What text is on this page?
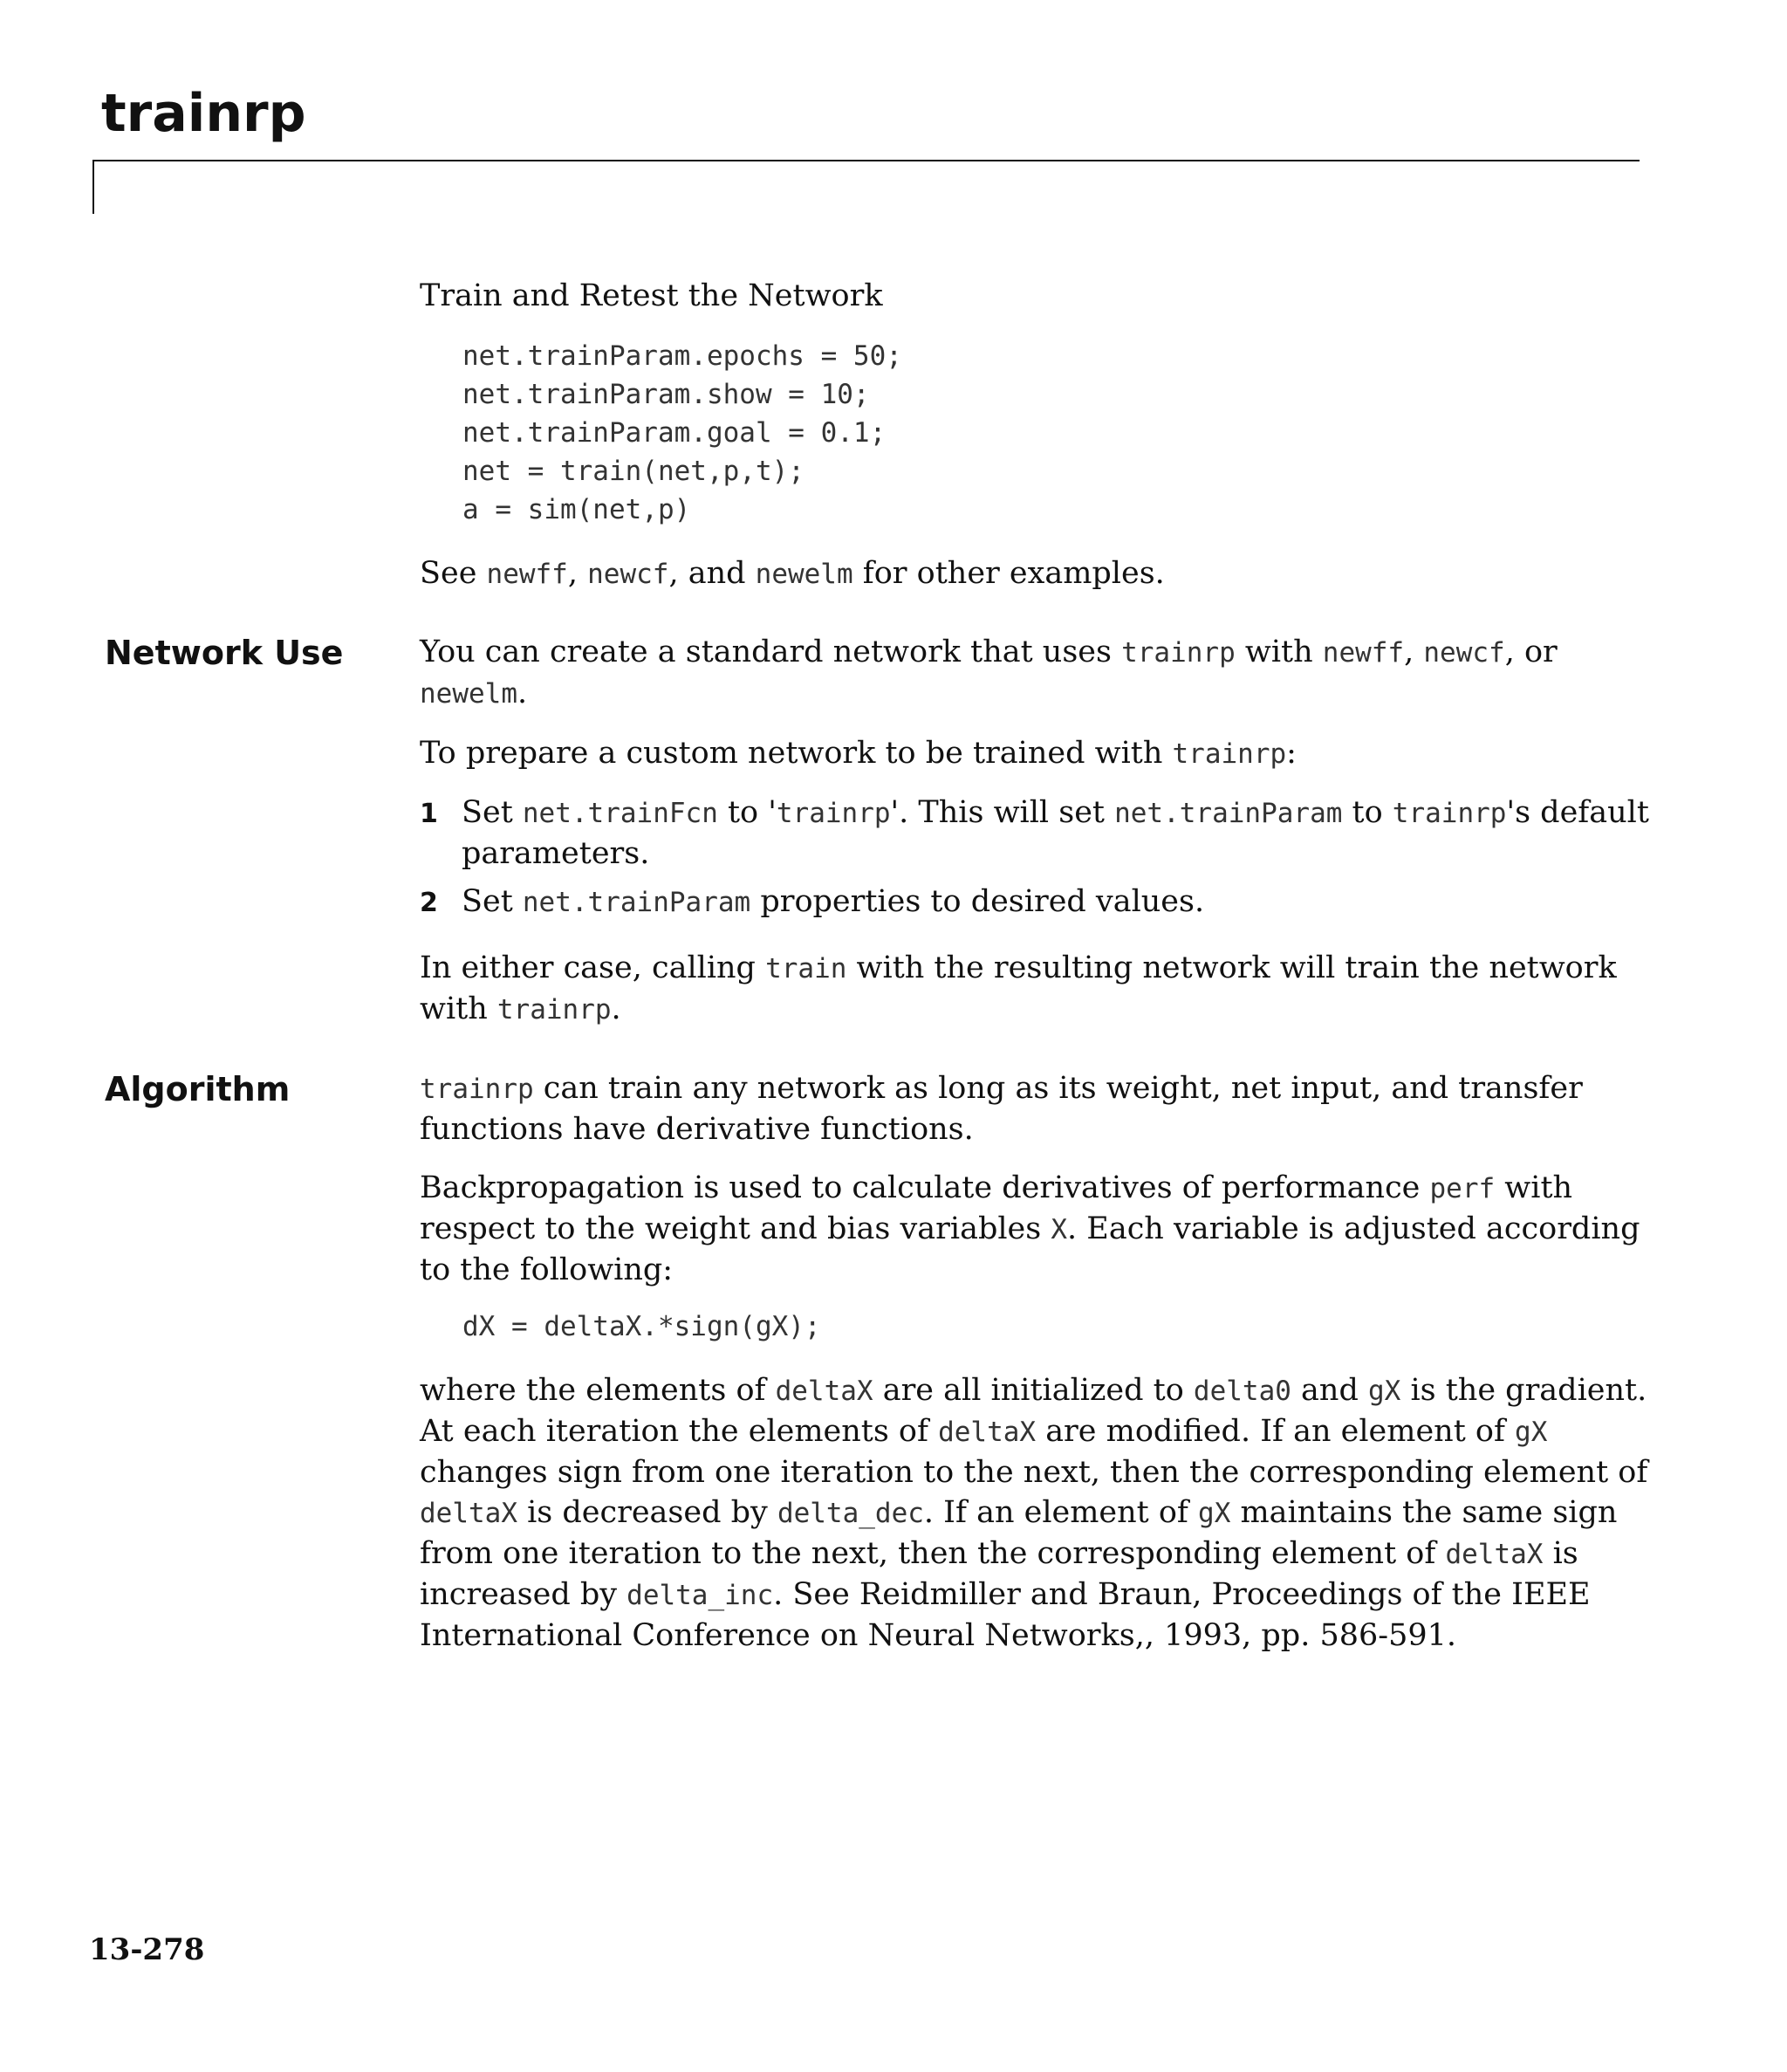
trainrp

Train and Retest the Network

net.trainParam.epochs = 50;
net.trainParam.show = 10;
net.trainParam.goal = 0.1;
net = train(net,p,t);
a = sim(net,p)

See newff, newcf, and newelm for other examples.

Network Use	You can create a standard network that uses trainrp with newff, newcf, or newelm.

To prepare a custom network to be trained with trainrp:

1 Set net.trainFcn to 'trainrp'. This will set net.trainParam to trainrp's default parameters.

2 Set net.trainParam properties to desired values.

In either case, calling train with the resulting network will train the network with trainrp.

Algorithm	trainrp can train any network as long as its weight, net input, and transfer functions have derivative functions.

Backpropagation is used to calculate derivatives of performance perf with respect to the weight and bias variables X. Each variable is adjusted according to the following:

dX = deltaX.*sign(gX);

where the elements of deltaX are all initialized to delta0 and gX is the gradient. At each iteration the elements of deltaX are modified. If an element of gX changes sign from one iteration to the next, then the corresponding element of deltaX is decreased by delta_dec. If an element of gX maintains the same sign from one iteration to the next, then the corresponding element of deltaX is increased by delta_inc. See Reidmiller and Braun, Proceedings of the IEEE International Conference on Neural Networks,, 1993, pp. 586-591.

13-278
